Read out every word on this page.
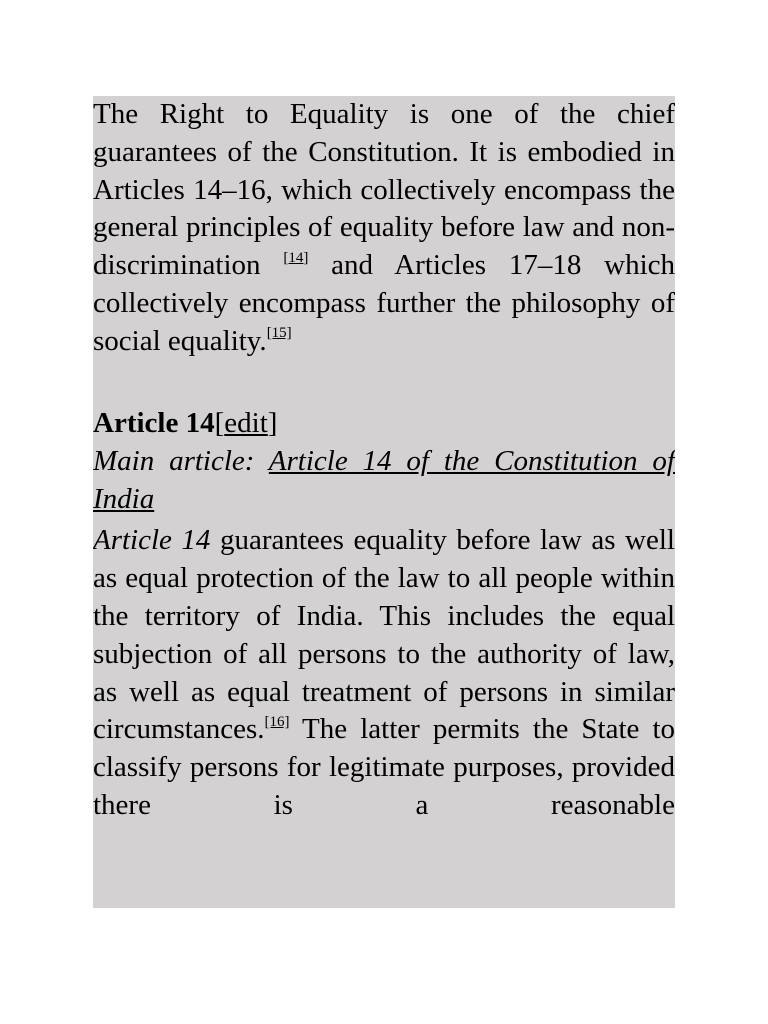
The Right to Equality is one of the chief guarantees of the Constitution. It is embodied in Articles 14–16, which collectively encompass the general principles of equality before law and non-discrimination [14] and Articles 17–18 which collectively encompass further the philosophy of social equality.[15]

Article 14[edit]

Main article: Article 14 of the Constitution of India

Article 14 guarantees equality before law as well as equal protection of the law to all people within the territory of India. This includes the equal subjection of all persons to the authority of law, as well as equal treatment of persons in similar circumstances.[16] The latter permits the State to classify persons for legitimate purposes, provided there is a reasonable
